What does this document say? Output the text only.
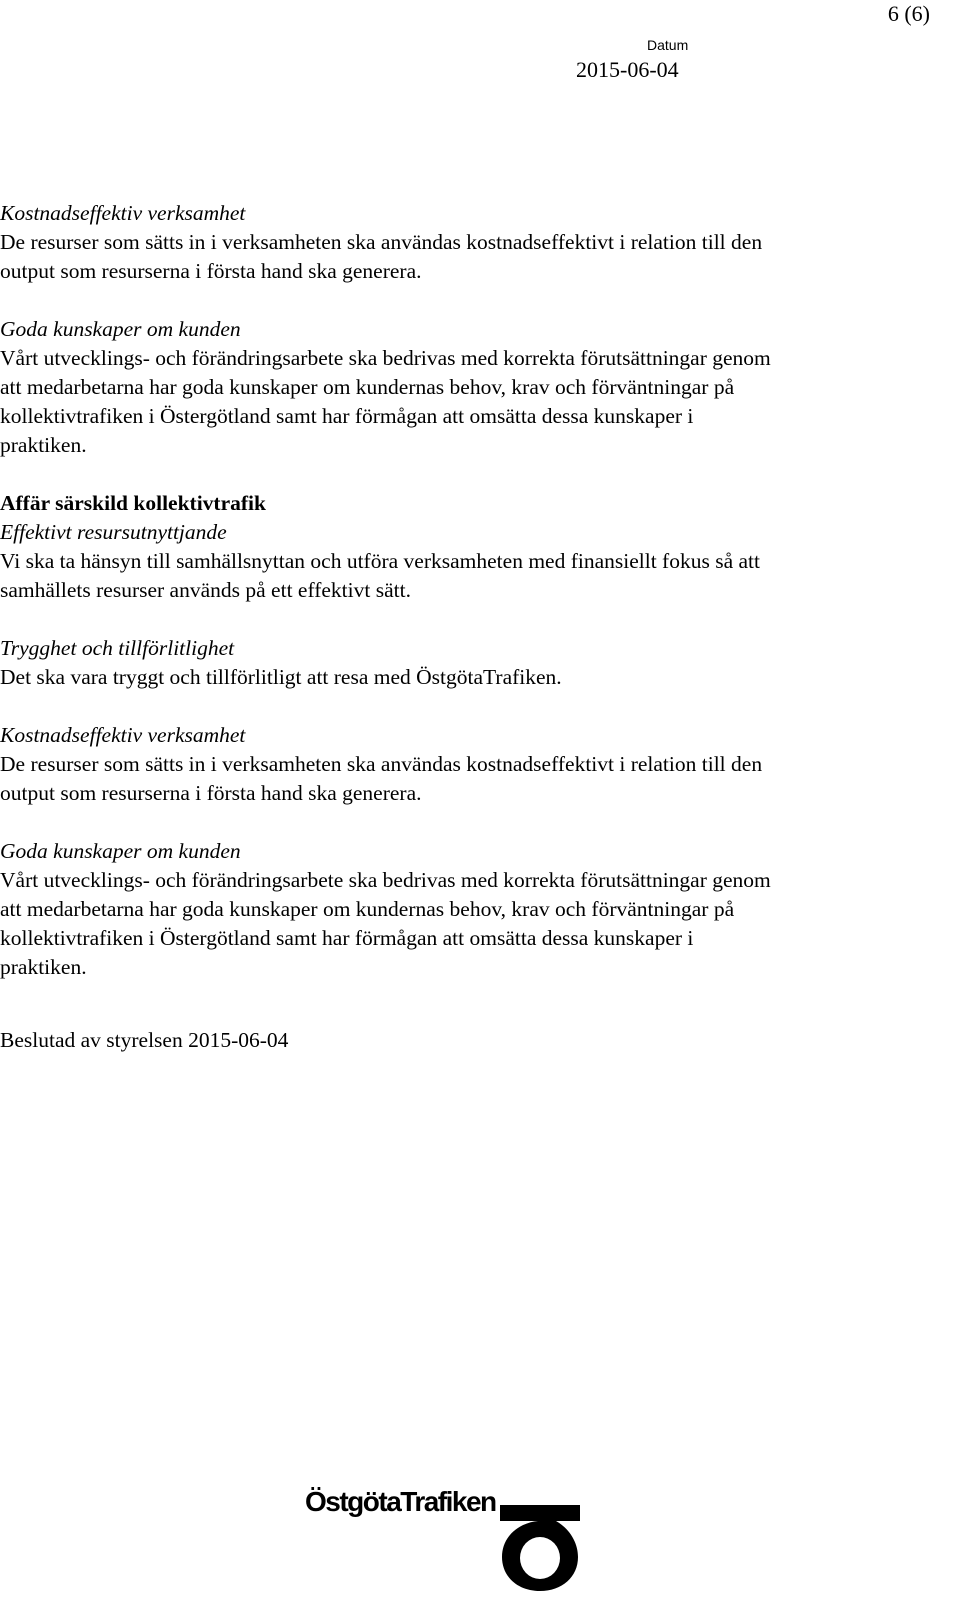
6 (6)
Datum
2015-06-04
Kostnadseffektiv verksamhet
De resurser som sätts in i verksamheten ska användas kostnadseffektivt i relation till den
output som resurserna i första hand ska generera.
Goda kunskaper om kunden
Vårt utvecklings- och förändringsarbete ska bedrivas med korrekta förutsättningar genom
att medarbetarna har goda kunskaper om kundernas behov, krav och förväntningar på
kollektivtrafiken i Östergötland samt har förmågan att omsätta dessa kunskaper i
praktiken.
Affär särskild kollektivtrafik
Effektivt resursutnyttjande
Vi ska ta hänsyn till samhällsnyttan och utföra verksamheten med finansiellt fokus så att
samhällets resurser används på ett effektivt sätt.
Trygghet och tillförlitlighet
Det ska vara tryggt och tillförlitligt att resa med ÖstgötaTrafiken.
Kostnadseffektiv verksamhet
De resurser som sätts in i verksamheten ska användas kostnadseffektivt i relation till den
output som resurserna i första hand ska generera.
Goda kunskaper om kunden
Vårt utvecklings- och förändringsarbete ska bedrivas med korrekta förutsättningar genom
att medarbetarna har goda kunskaper om kundernas behov, krav och förväntningar på
kollektivtrafiken i Östergötland samt har förmågan att omsätta dessa kunskaper i
praktiken.
Beslutad av styrelsen 2015-06-04
ÖstgötaTrafiken
